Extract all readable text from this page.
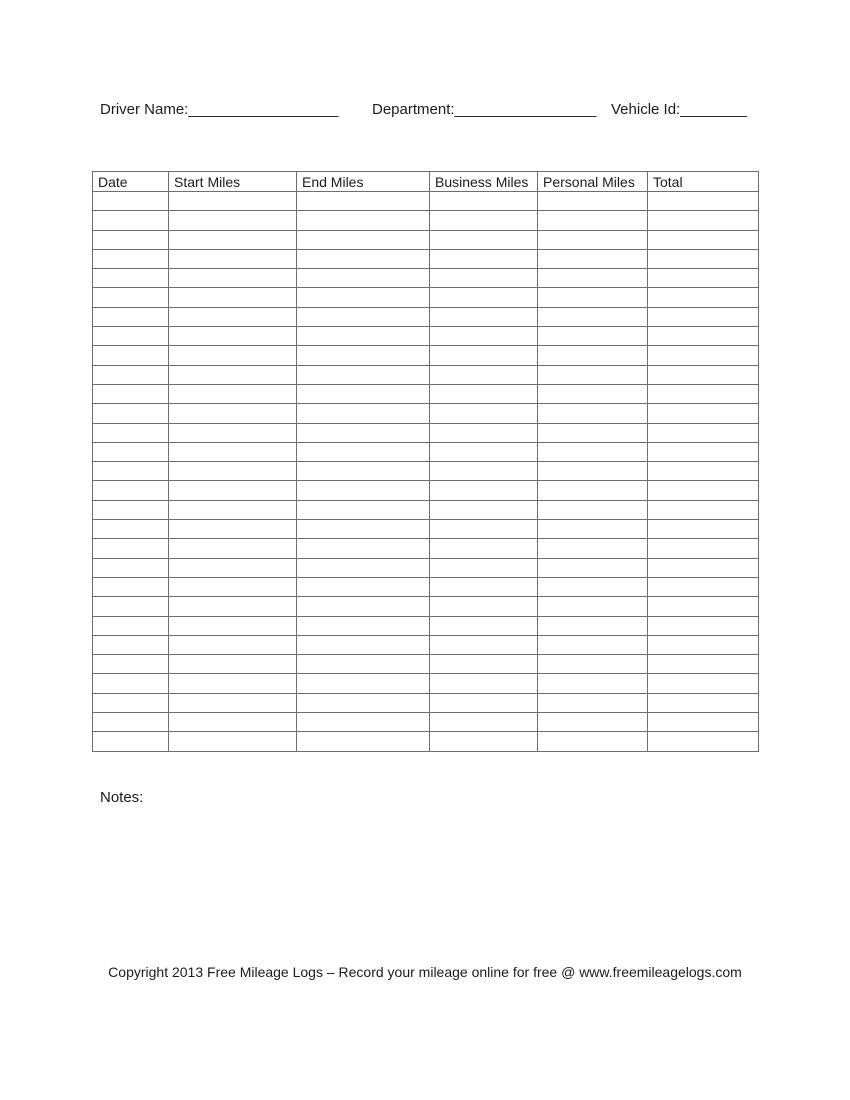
Driver Name:__________________ Department:_________________ Vehicle Id:________
Date	Start Miles	End Miles	Business Miles	Personal Miles	Total

Notes:
Copyright 2013 Free Mileage Logs – Record your mileage online for free @ www.freemileagelogs.com
